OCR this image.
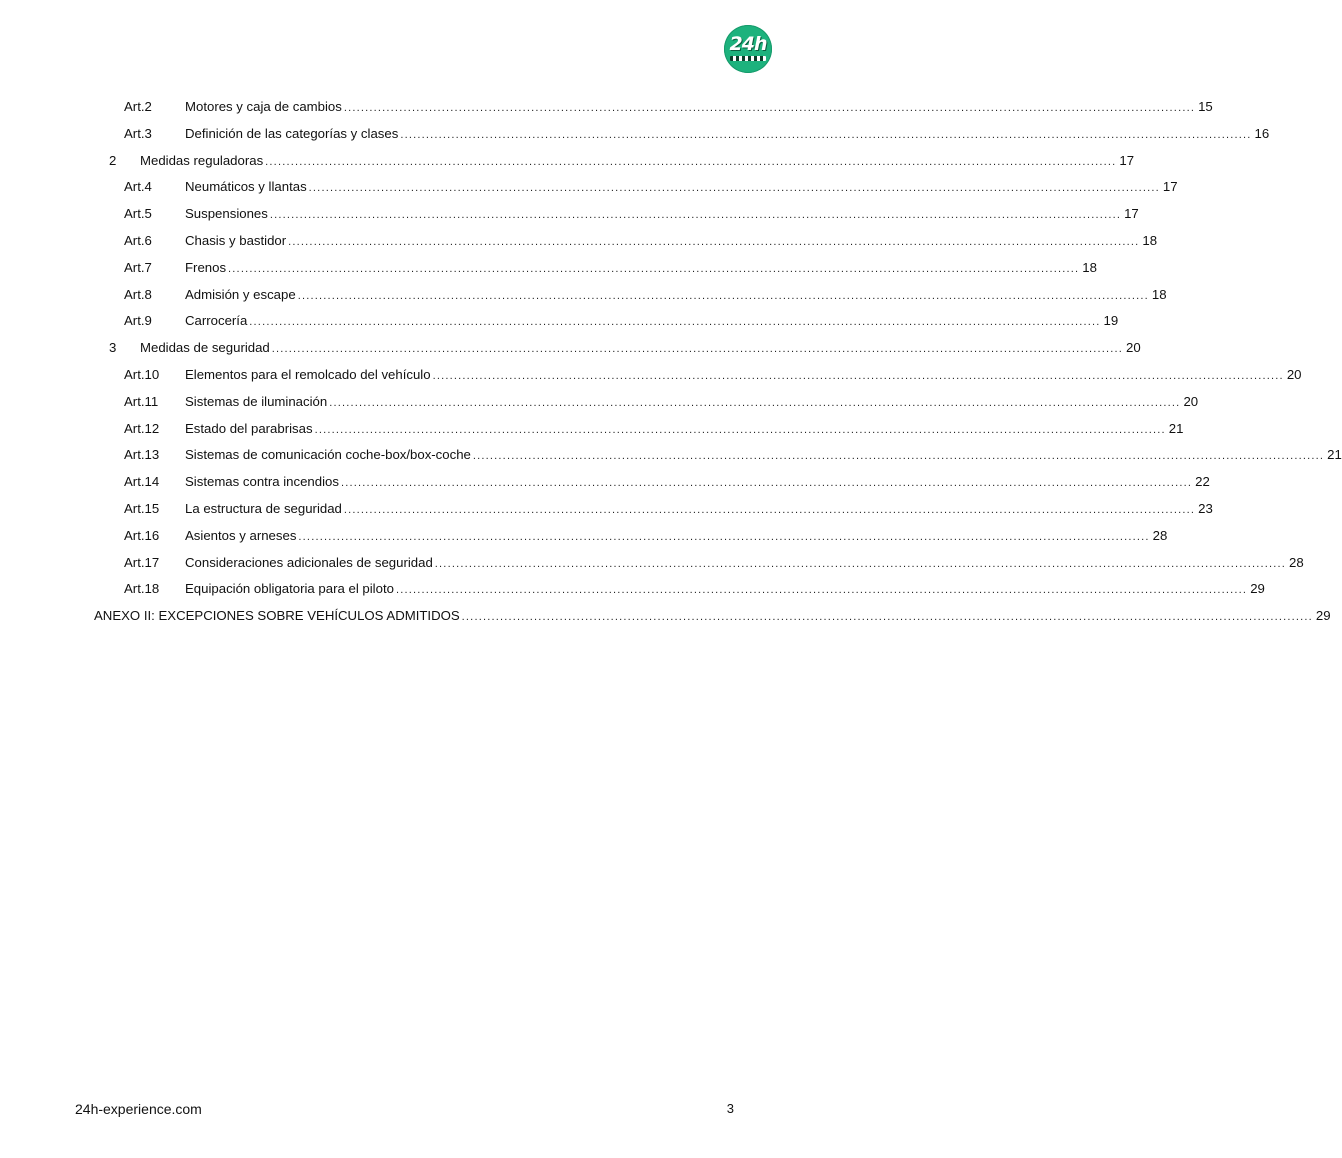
24h
Art.2	Motores y caja de cambios ........................................................................................................................................................................................................ 15
Art.3	Definición de las categorías y clases ........................................................................................................................................................................................................ 16
2	Medidas reguladoras ........................................................................................................................................................................................................ 17
Art.4	Neumáticos y llantas ........................................................................................................................................................................................................ 17
Art.5	Suspensiones ........................................................................................................................................................................................................ 17
Art.6	Chasis y bastidor ........................................................................................................................................................................................................ 18
Art.7	Frenos ........................................................................................................................................................................................................ 18
Art.8	Admisión y escape ........................................................................................................................................................................................................ 18
Art.9	Carrocería ........................................................................................................................................................................................................ 19
3	Medidas de seguridad ........................................................................................................................................................................................................ 20
Art.10	Elementos para el remolcado del vehículo ........................................................................................................................................................................................................ 20
Art.11	Sistemas de iluminación ........................................................................................................................................................................................................ 20
Art.12	Estado del parabrisas ........................................................................................................................................................................................................ 21
Art.13	Sistemas de comunicación coche-box/box-coche ........................................................................................................................................................................................................ 21
Art.14	Sistemas contra incendios ........................................................................................................................................................................................................ 22
Art.15	La estructura de seguridad ........................................................................................................................................................................................................ 23
Art.16	Asientos y arneses ........................................................................................................................................................................................................ 28
Art.17	Consideraciones adicionales de seguridad ........................................................................................................................................................................................................ 28
Art.18	Equipación obligatoria para el piloto ........................................................................................................................................................................................................ 29
ANEXO II: EXCEPCIONES SOBRE VEHÍCULOS ADMITIDOS ........................................................................................................................................................................................................ 29
24h-experience.com	3
